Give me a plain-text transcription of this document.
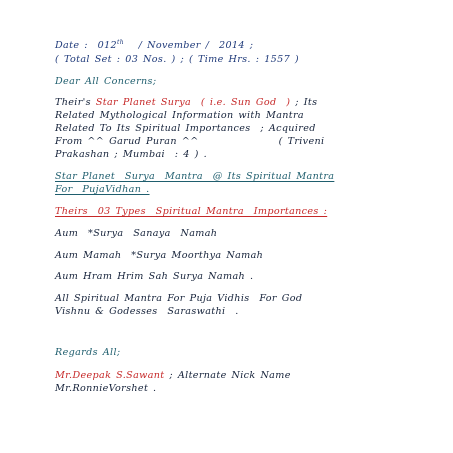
Date :  012th   / November /  2014 ;
( Total Set : 03 Nos. ) ; ( Time Hrs. : 1557 )
Dear All Concerns;
Their's Star Planet Surya  ( i.e. Sun God  ) ; Its
Related Mythological Information with Mantra
Related To Its Spiritual Importances  ; Acquired
From ^^ Garud Puran ^^	( Triveni
Prakashan ; Mumbai  : 4 ) .
Star Planet  Surya  Mantra  @ Its Spiritual Mantra
For  PujaVidhan .
Theirs  03 Types  Spiritual Mantra  Importances :
Aum  *Surya  Sanaya  Namah
Aum Mamah  *Surya Moorthya Namah
Aum Hram Hrim Sah Surya Namah .
All Spiritual Mantra For Puja Vidhis  For God
Vishnu & Godesses  Saraswathi  .
Regards All;
Mr.Deepak S.Sawant ; Alternate Nick Name
Mr.RonnieVorshet .
